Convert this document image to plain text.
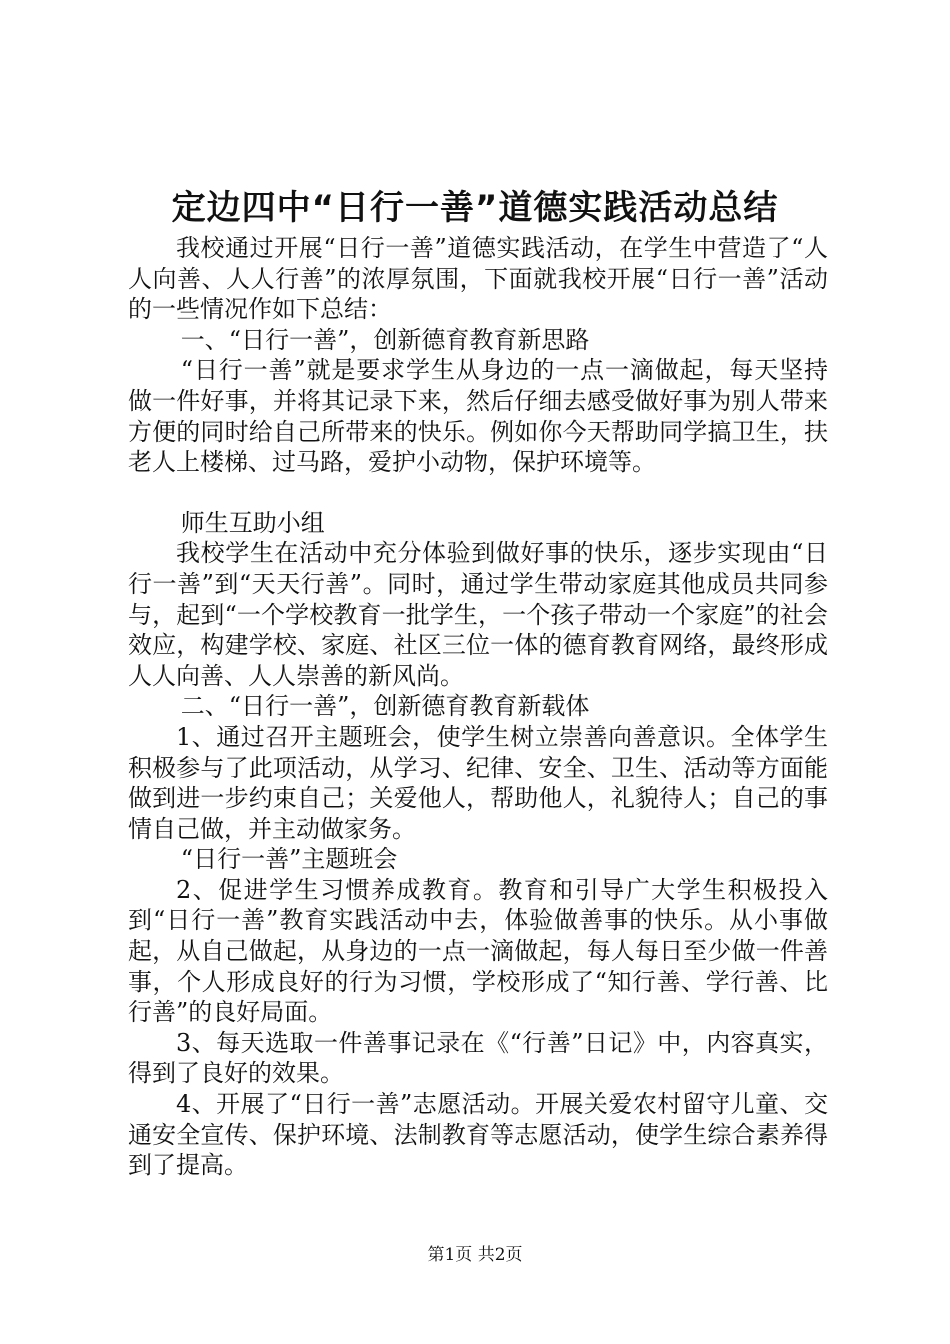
定边四中“日行一善”道德实践活动总结

我校通过开展“日行一善”道德实践活动，在学生中营造了“人人向善、人人行善”的浓厚氛围，下面就我校开展“日行一善”活动的一些情况作如下总结：

一、“日行一善”，创新德育教育新思路

“日行一善”就是要求学生从身边的一点一滴做起，每天坚持做一件好事，并将其记录下来，然后仔细去感受做好事为别人带来方便的同时给自己所带来的快乐。例如你今天帮助同学搞卫生，扶老人上楼梯、过马路，爱护小动物，保护环境等。

师生互助小组

我校学生在活动中充分体验到做好事的快乐，逐步实现由“日行一善”到“天天行善”。同时，通过学生带动家庭其他成员共同参与，起到“一个学校教育一批学生，一个孩子带动一个家庭”的社会效应，构建学校、家庭、社区三位一体的德育教育网络，最终形成人人向善、人人崇善的新风尚。

二、“日行一善”，创新德育教育新载体

1、通过召开主题班会，使学生树立崇善向善意识。全体学生积极参与了此项活动，从学习、纪律、安全、卫生、活动等方面能做到进一步约束自己；关爱他人，帮助他人，礼貌待人；自己的事情自己做，并主动做家务。

“日行一善”主题班会

2、促进学生习惯养成教育。教育和引导广大学生积极投入到“日行一善”教育实践活动中去，体验做善事的快乐。从小事做起，从自己做起，从身边的一点一滴做起，每人每日至少做一件善事，个人形成良好的行为习惯，学校形成了“知行善、学行善、比行善”的良好局面。

3、每天选取一件善事记录在《“行善”日记》中，内容真实，得到了良好的效果。

4、开展了“日行一善”志愿活动。开展关爱农村留守儿童、交通安全宣传、保护环境、法制教育等志愿活动，使学生综合素养得到了提高。

第1页 共2页
